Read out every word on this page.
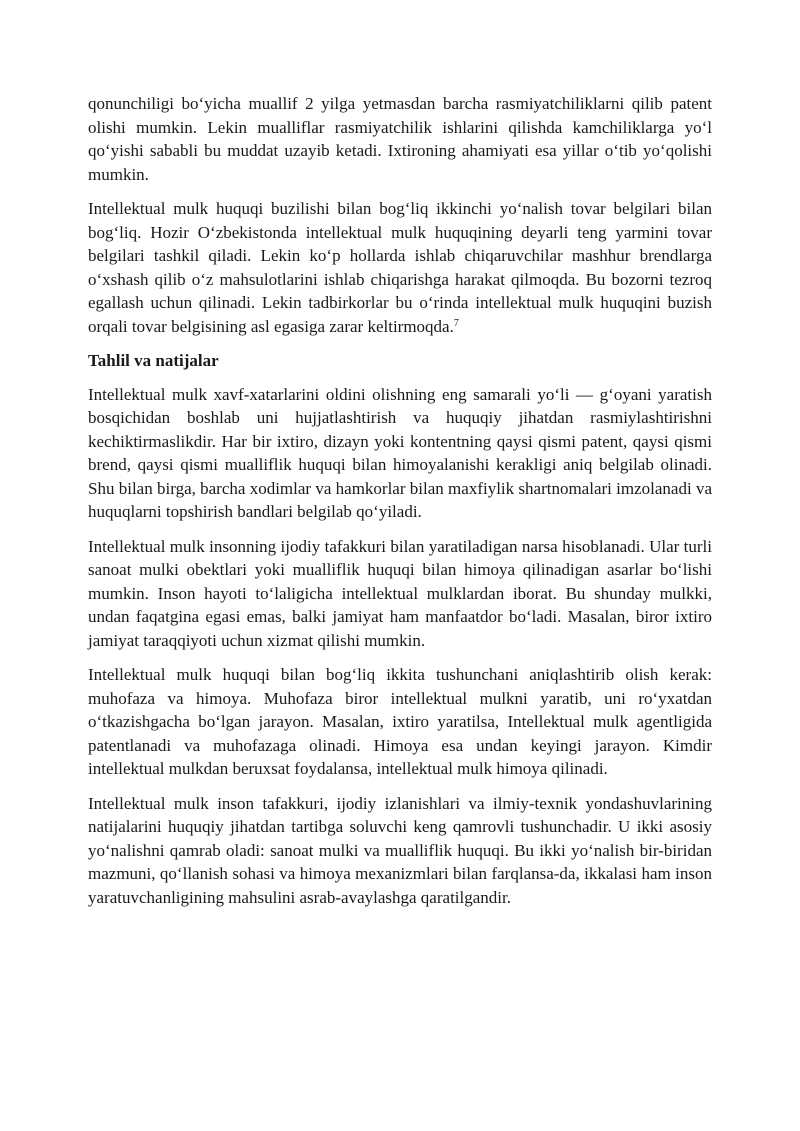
qonunchiligi bo‘yicha muallif 2 yilga yetmasdan barcha rasmiyatchiliklarni qilib patent olishi mumkin. Lekin mualliflar rasmiyatchilik ishlarini qilishda kamchiliklarga yo‘l qo‘yishi sababli bu muddat uzayib ketadi. Ixtironing ahamiyati esa yillar o‘tib yo‘qolishi mumkin.

Intellektual mulk huquqi buzilishi bilan bog‘liq ikkinchi yo‘nalish tovar belgilari bilan bog‘liq. Hozir O‘zbekistonda intellektual mulk huquqining deyarli teng yarmini tovar belgilari tashkil qiladi. Lekin ko‘p hollarda ishlab chiqaruvchilar mashhur brendlarga o‘xshash qilib o‘z mahsulotlarini ishlab chiqarishga harakat qilmoqda. Bu bozorni tezroq egallash uchun qilinadi. Lekin tadbirkorlar bu o‘rinda intellektual mulk huquqini buzish orqali tovar belgisining asl egasiga zarar keltirmoqda.$^7$

Tahlil va natijalar

Intellektual mulk xavf-xatarlarini oldini olishning eng samarali yo‘li — g‘oyani yaratish bosqichidan boshlab uni hujjatlashtirish va huquqiy jihatdan rasmiylashtirishni kechiktirmaslikdir. Har bir ixtiro, dizayn yoki kontentning qaysi qismi patent, qaysi qismi brend, qaysi qismi mualliflik huquqi bilan himoyalanishi kerakligi aniq belgilab olinadi. Shu bilan birga, barcha xodimlar va hamkorlar bilan maxfiylik shartnomalari imzolanadi va huquqlarni topshirish bandlari belgilab qo‘yiladi.

Intellektual mulk insonning ijodiy tafakkuri bilan yaratiladigan narsa hisoblanadi. Ular turli sanoat mulki obektlari yoki mualliflik huquqi bilan himoya qilinadigan asarlar bo‘lishi mumkin. Inson hayoti to‘laligicha intellektual mulklardan iborat. Bu shunday mulkki, undan faqatgina egasi emas, balki jamiyat ham manfaatdor bo‘ladi. Masalan, biror ixtiro jamiyat taraqqiyoti uchun xizmat qilishi mumkin.

Intellektual mulk huquqi bilan bog‘liq ikkita tushunchani aniqlashtirib olish kerak: muhofaza va himoya. Muhofaza biror intellektual mulkni yaratib, uni ro‘yxatdan o‘tkazishgacha bo‘lgan jarayon. Masalan, ixtiro yaratilsa, Intellektual mulk agentligida patentlanadi va muhofazaga olinadi. Himoya esa undan keyingi jarayon. Kimdir intellektual mulkdan beruxsat foydalansa, intellektual mulk himoya qilinadi.

Intellektual mulk inson tafakkuri, ijodiy izlanishlari va ilmiy-texnik yondashuvlarining natijalarini huquqiy jihatdan tartibga soluvchi keng qamrovli tushunchadir. U ikki asosiy yo‘nalishni qamrab oladi: sanoat mulki va mualliflik huquqi. Bu ikki yo‘nalish bir-biridan mazmuni, qo‘llanish sohasi va himoya mexanizmlari bilan farqlansa-da, ikkalasi ham inson yaratuvchanligining mahsulini asrab-avaylashga qaratilgandir.
